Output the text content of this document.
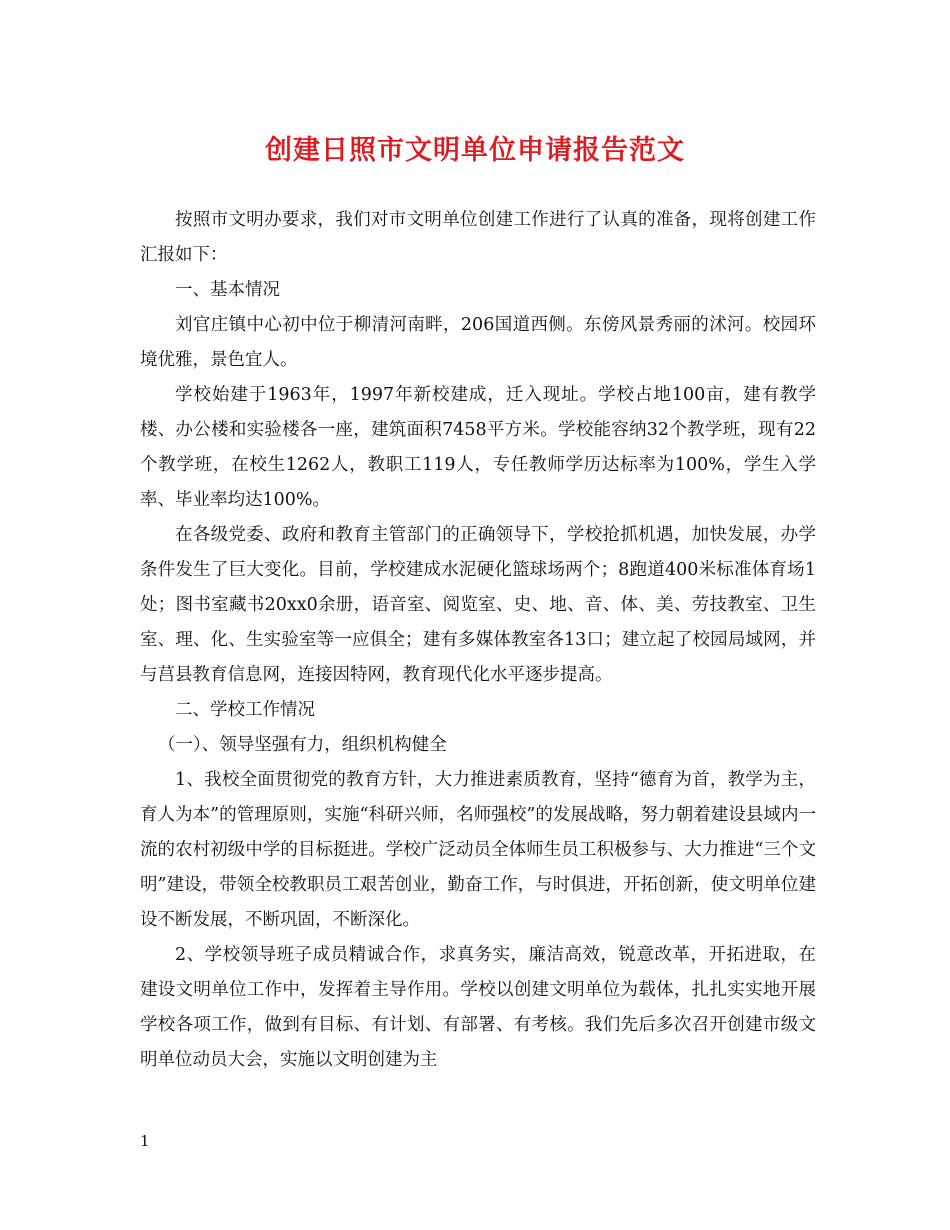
创建日照市文明单位申请报告范文

按照市文明办要求，我们对市文明单位创建工作进行了认真的准备，现将创建工作汇报如下：

一、基本情况

刘官庄镇中心初中位于柳清河南畔，206国道西侧。东傍风景秀丽的沭河。校园环境优雅，景色宜人。

学校始建于1963年，1997年新校建成，迁入现址。学校占地100亩，建有教学楼、办公楼和实验楼各一座，建筑面积7458平方米。学校能容纳32个教学班，现有22个教学班，在校生1262人，教职工119人，专任教师学历达标率为100%，学生入学率、毕业率均达100%。

在各级党委、政府和教育主管部门的正确领导下，学校抢抓机遇，加快发展，办学条件发生了巨大变化。目前，学校建成水泥硬化篮球场两个；8跑道400米标准体育场1处；图书室藏书20xx0余册，语音室、阅览室、史、地、音、体、美、劳技教室、卫生室、理、化、生实验室等一应俱全；建有多媒体教室各13口；建立起了校园局域网，并与莒县教育信息网，连接因特网，教育现代化水平逐步提高。

二、学校工作情况

（一）、领导坚强有力，组织机构健全

1、我校全面贯彻党的教育方针，大力推进素质教育，坚持“德育为首，教学为主，育人为本”的管理原则，实施“科研兴师，名师强校”的发展战略，努力朝着建设县域内一流的农村初级中学的目标挺进。学校广泛动员全体师生员工积极参与、大力推进“三个文明”建设，带领全校教职员工艰苦创业，勤奋工作，与时俱进，开拓创新，使文明单位建设不断发展，不断巩固，不断深化。

2、学校领导班子成员精诚合作，求真务实，廉洁高效，锐意改革，开拓进取，在建设文明单位工作中，发挥着主导作用。学校以创建文明单位为载体，扎扎实实地开展学校各项工作，做到有目标、有计划、有部署、有考核。我们先后多次召开创建市级文明单位动员大会，实施以文明创建为主

1
